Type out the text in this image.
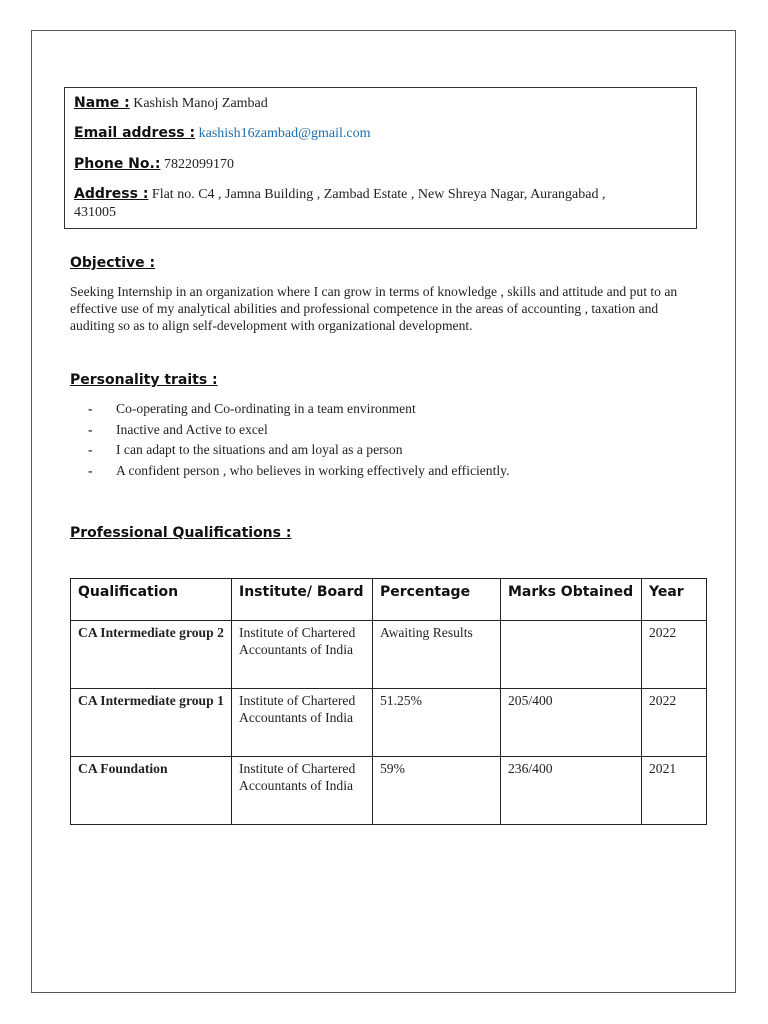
Name : Kashish Manoj Zambad
Email address : kashish16zambad@gmail.com
Phone No.: 7822099170
Address : Flat no. C4 , Jamna Building , Zambad Estate , New Shreya Nagar, Aurangabad ,
431005
Objective :
Seeking Internship in an organization where I can grow in terms of knowledge , skills and attitude and put to an effective use of my analytical abilities and professional competence in the areas of accounting , taxation and auditing so as to align self-development with organizational development.
Personality traits :
- Co-operating and Co-ordinating in a team environment
- Inactive and Active to excel
- I can adapt to the situations and am loyal as a person
- A confident person , who believes in working effectively and efficiently.
Professional Qualifications :
Qualification	Institute/ Board	Percentage	Marks Obtained	Year
CA Intermediate group 2	Institute of Chartered Accountants of India	Awaiting Results		2022
CA Intermediate group 1	Institute of Chartered Accountants of India	51.25%	205/400	2022
CA Foundation	Institute of Chartered Accountants of India	59%	236/400	2021
